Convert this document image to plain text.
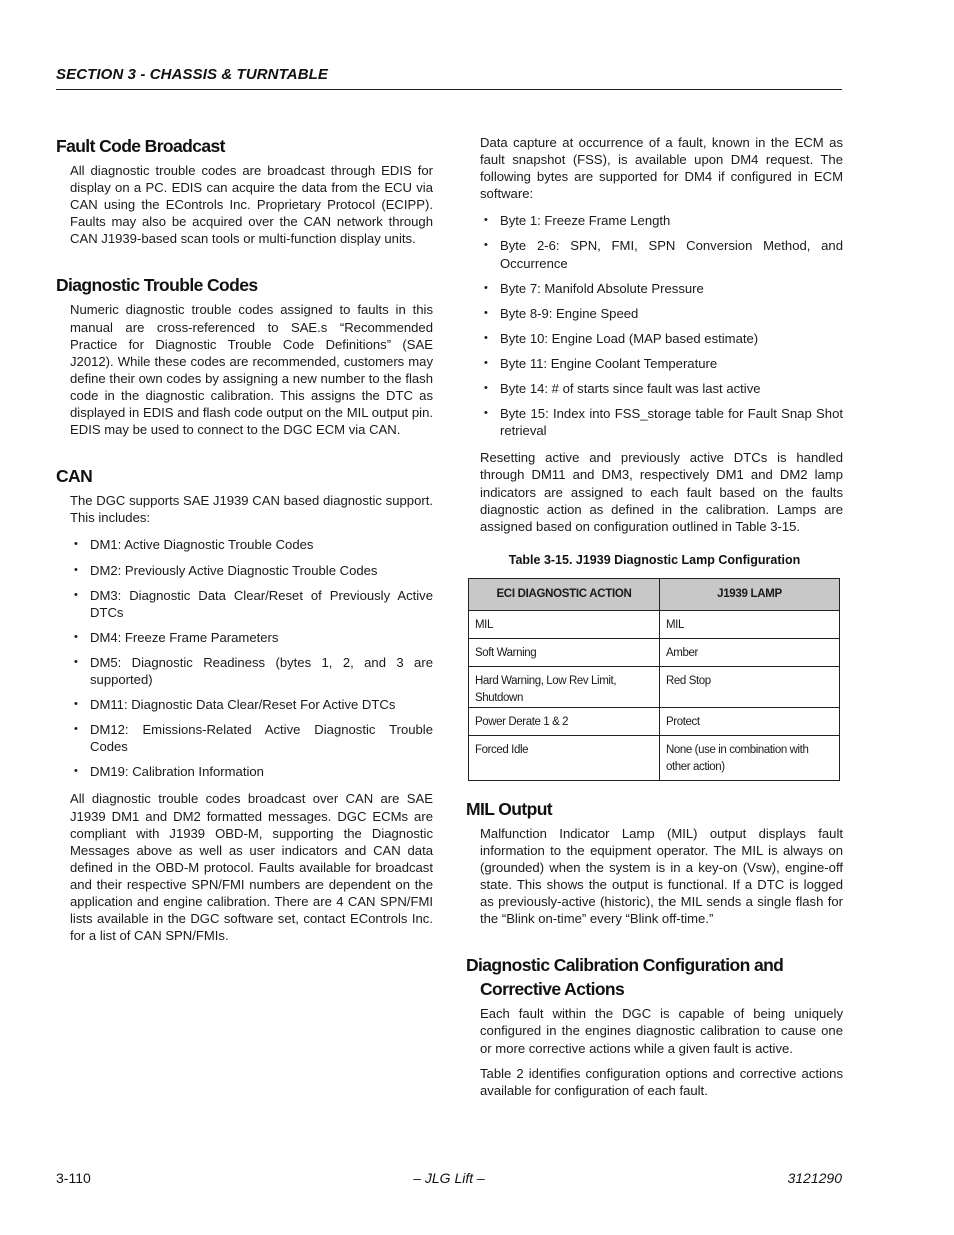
SECTION 3 - CHASSIS & TURNTABLE
Fault Code Broadcast

All diagnostic trouble codes are broadcast through EDIS for display on a PC. EDIS can acquire the data from the ECU via CAN using the EControls Inc. Proprietary Protocol (ECIPP). Faults may also be acquired over the CAN network through CAN J1939-based scan tools or multi-function display units.

Diagnostic Trouble Codes

Numeric diagnostic trouble codes assigned to faults in this manual are cross-referenced to SAE.s “Recommended Practice for Diagnostic Trouble Code Definitions” (SAE J2012). While these codes are recommended, customers may define their own codes by assigning a new number to the flash code in the diagnostic calibration. This assigns the DTC as displayed in EDIS and flash code output on the MIL output pin. EDIS may be used to connect to the DGC ECM via CAN.

CAN

The DGC supports SAE J1939 CAN based diagnostic support. This includes:

• DM1: Active Diagnostic Trouble Codes
• DM2: Previously Active Diagnostic Trouble Codes
• DM3: Diagnostic Data Clear/Reset of Previously Active DTCs
• DM4: Freeze Frame Parameters
• DM5: Diagnostic Readiness (bytes 1, 2, and 3 are supported)
• DM11: Diagnostic Data Clear/Reset For Active DTCs
• DM12: Emissions-Related Active Diagnostic Trouble Codes
• DM19: Calibration Information

All diagnostic trouble codes broadcast over CAN are SAE J1939 DM1 and DM2 formatted messages. DGC ECMs are compliant with J1939 OBD-M, supporting the Diagnostic Messages above as well as user indicators and CAN data defined in the OBD-M protocol. Faults available for broadcast and their respective SPN/FMI numbers are dependent on the application and engine calibration. There are 4 CAN SPN/FMI lists available in the DGC software set, contact EControls Inc. for a list of CAN SPN/FMIs.

Data capture at occurrence of a fault, known in the ECM as fault snapshot (FSS), is available upon DM4 request. The following bytes are supported for DM4 if configured in ECM software:

• Byte 1: Freeze Frame Length
• Byte 2-6: SPN, FMI, SPN Conversion Method, and Occurrence
• Byte 7: Manifold Absolute Pressure
• Byte 8-9: Engine Speed
• Byte 10: Engine Load (MAP based estimate)
• Byte 11: Engine Coolant Temperature
• Byte 14: # of starts since fault was last active
• Byte 15: Index into FSS_storage table for Fault Snap Shot retrieval

Resetting active and previously active DTCs is handled through DM11 and DM3, respectively DM1 and DM2 lamp indicators are assigned to each fault based on the faults diagnostic action as defined in the calibration. Lamps are assigned based on configuration outlined in Table 3-15.

Table 3-15. J1939 Diagnostic Lamp Configuration
ECI DIAGNOSTIC ACTION	J1939 LAMP
MIL	MIL
Soft Warning	Amber
Hard Warning, Low Rev Limit, Shutdown	Red Stop
Power Derate 1 & 2	Protect
Forced Idle	None (use in combination with other action)
MIL Output

Malfunction Indicator Lamp (MIL) output displays fault information to the equipment operator. The MIL is always on (grounded) when the system is in a key-on (Vsw), engine-off state. This shows the output is functional. If a DTC is logged as previously-active (historic), the MIL sends a single flash for the “Blink on-time” every “Blink off-time.”

Diagnostic Calibration Configuration and
Corrective Actions

Each fault within the DGC is capable of being uniquely configured in the engines diagnostic calibration to cause one or more corrective actions while a given fault is active.

Table 2 identifies configuration options and corrective actions available for configuration of each fault.

3-110	– JLG Lift –	3121290
